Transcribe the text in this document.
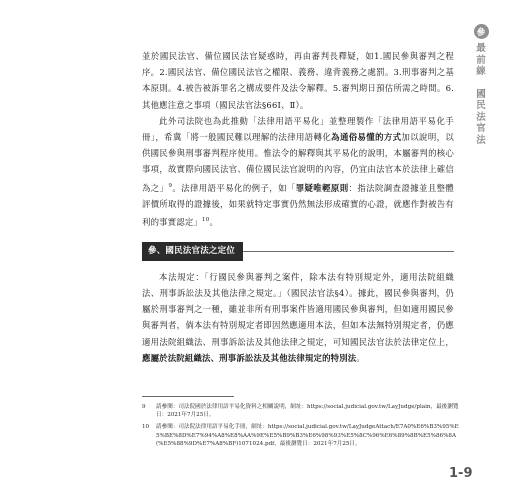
並於國民法官、備位國民法官疑惑時，再由審判長釋疑，如1.國民參與審判之程序。2.國民法官、備位國民法官之權限、義務、違背義務之處罰。3.刑事審判之基本原則。4.被告被訴罪名之構成要件及法令解釋。5.審判期日預估所需之時間。6.其他應注意之事項（國民法官法§66Ⅰ、Ⅱ）。

此外司法院也為此推動「法律用語平易化」並整理製作「法律用語平易化手冊」，希冀「將一般國民難以理解的法律用語轉化為通俗易懂的方式加以說明，以供國民參與刑事審判程序使用。惟法令的解釋與其平易化的說明，本屬審判的核心事項，故實際向國民法官、備位國民法官說明的內容，仍宜由法官本於法律上確信為之」$^9$。法律用語平易化的例子，如「罪疑唯輕原則：指法院調查證據並且整體評價所取得的證據後，如果就特定事實仍然無法形成確實的心證，就應作對被告有利的事實認定」$^{10}$。

參、國民法官法之定位

本法規定：「行國民參與審判之案件，除本法有特別規定外，適用法院組織法、刑事訴訟法及其他法律之規定。」（國民法官法§4）。據此，國民參與審判，仍屬於刑事審判之一種，雖並非所有刑事案件皆適用國民參與審判，但如適用國民參與審判者，倘本法有特別規定者即因然應適用本法，但如本法無特別規定者，仍應適用法院組織法、刑事訴訟法及其他法律之規定，可知國民法官法於法律定位上，應屬於法院組織法、刑事訴訟法及其他法律規定的特別法。

9	請參閱：司法院國於法律用語平易化資料之相關說明，網址：https://social.judicial.gov.tw/LayJudge/plain，最後瀏覽日：2021年7月25日。
10	請參閱：司法院法律用語平易化手冊，網址：https://social.judicial.gov.tw/LayJudgeAttach/E7A0%E6%B3%95%E5%BE%8D%E7%94%A8%E8%AA%9E%E5%B9%B3%E6%98%93%E5%8C%96%E6%89%8B%E5%86%8A(%E5%88%9D%E7%A8%BF)1071024.pdf，最後瀏覽日：2021年7月25日。
參
最前線
國民法官法
1-9
